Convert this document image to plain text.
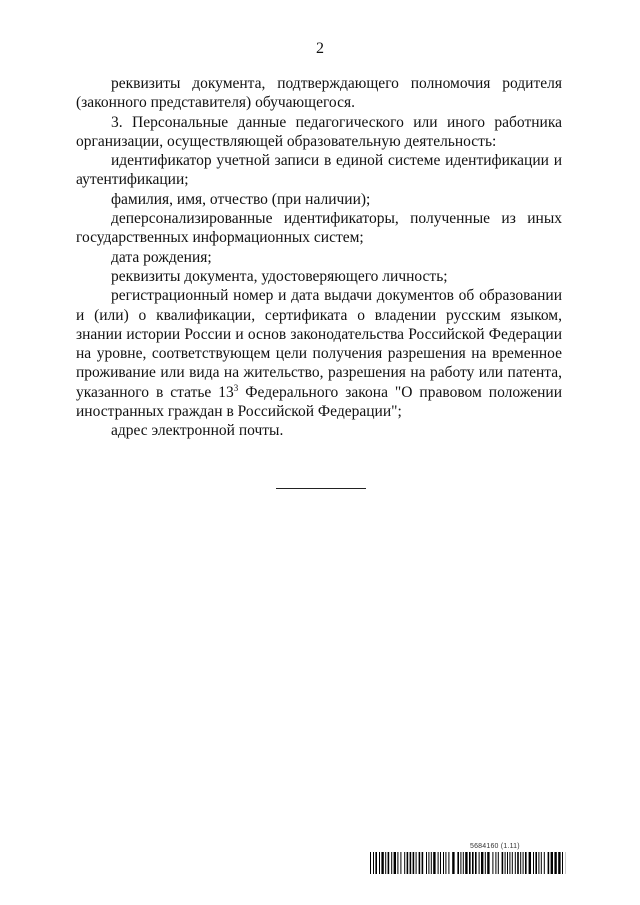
2

реквизиты документа, подтверждающего полномочия родителя (законного представителя) обучающегося.

3. Персональные данные педагогического или иного работника организации, осуществляющей образовательную деятельность:

идентификатор учетной записи в единой системе идентификации и аутентификации;

фамилия, имя, отчество (при наличии);

деперсонализированные идентификаторы, полученные из иных государственных информационных систем;

дата рождения;

реквизиты документа, удостоверяющего личность;

регистрационный номер и дата выдачи документов об образовании и (или) о квалификации, сертификата о владении русским языком, знании истории России и основ законодательства Российской Федерации на уровне, соответствующем цели получения разрешения на временное проживание или вида на жительство, разрешения на работу или патента, указанного в статье $13^3$ Федерального закона "О правовом положении иностранных граждан в Российской Федерации";

адрес электронной почты.

5684160 (1.11)
